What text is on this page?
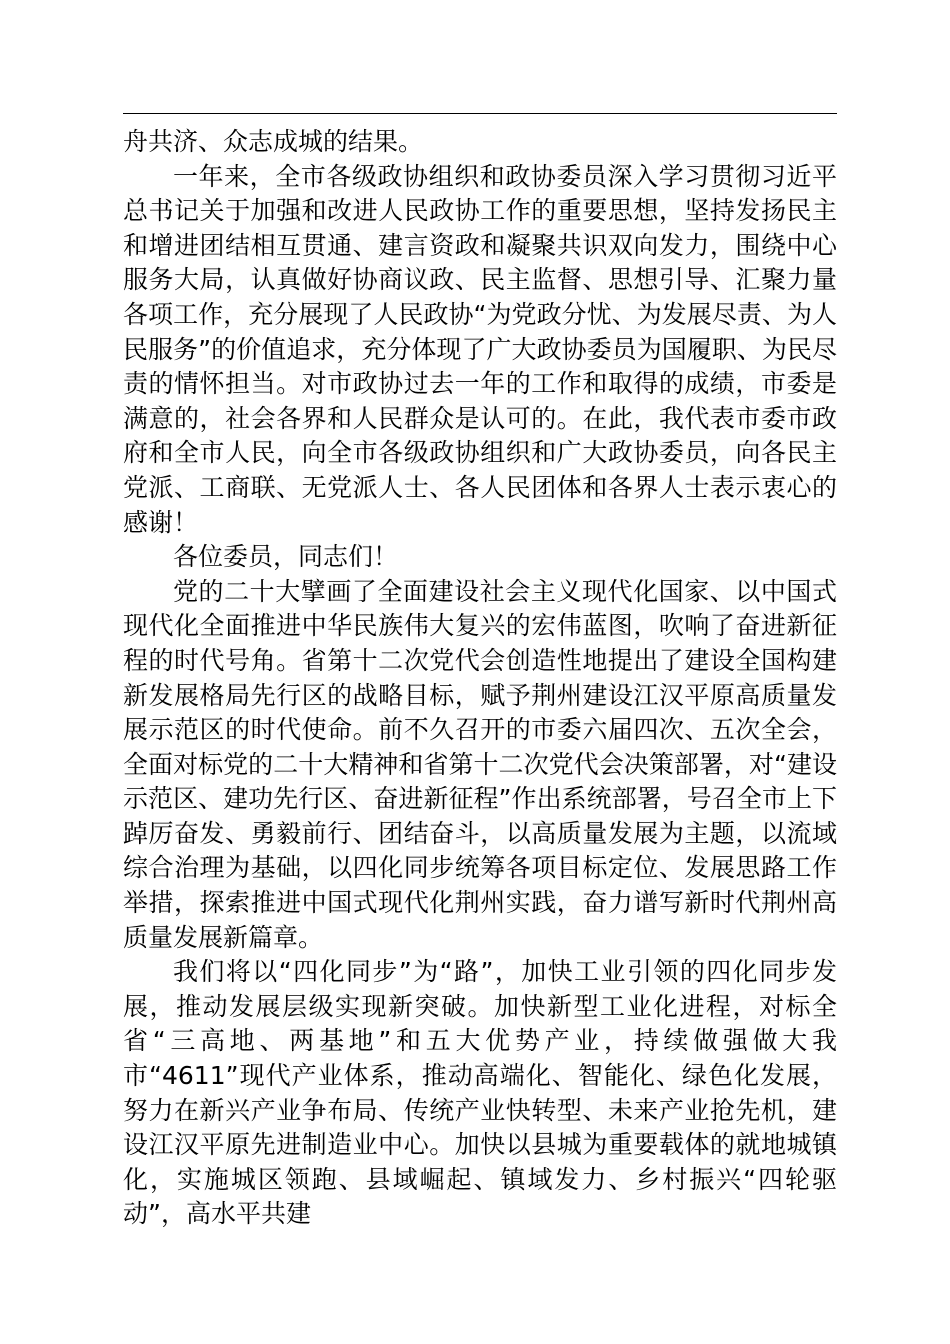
舟共济、众志成城的结果。

一年来，全市各级政协组织和政协委员深入学习贯彻习近平总书记关于加强和改进人民政协工作的重要思想，坚持发扬民主和增进团结相互贯通、建言资政和凝聚共识双向发力，围绕中心服务大局，认真做好协商议政、民主监督、思想引导、汇聚力量各项工作，充分展现了人民政协“为党政分忧、为发展尽责、为人民服务”的价值追求，充分体现了广大政协委员为国履职、为民尽责的情怀担当。对市政协过去一年的工作和取得的成绩，市委是满意的，社会各界和人民群众是认可的。在此，我代表市委市政府和全市人民，向全市各级政协组织和广大政协委员，向各民主党派、工商联、无党派人士、各人民团体和各界人士表示衷心的感谢！

各位委员，同志们！

党的二十大擘画了全面建设社会主义现代化国家、以中国式现代化全面推进中华民族伟大复兴的宏伟蓝图，吹响了奋进新征程的时代号角。省第十二次党代会创造性地提出了建设全国构建新发展格局先行区的战略目标，赋予荆州建设江汉平原高质量发展示范区的时代使命。前不久召开的市委六届四次、五次全会，全面对标党的二十大精神和省第十二次党代会决策部署，对“建设示范区、建功先行区、奋进新征程”作出系统部署，号召全市上下踔厉奋发、勇毅前行、团结奋斗，以高质量发展为主题，以流域综合治理为基础，以四化同步统筹各项目标定位、发展思路工作举措，探索推进中国式现代化荆州实践，奋力谱写新时代荆州高质量发展新篇章。

我们将以“四化同步”为“路”，加快工业引领的四化同步发展，推动发展层级实现新突破。加快新型工业化进程，对标全省“三高地、两基地”和五大优势产业，持续做强做大我市“4611”现代产业体系，推动高端化、智能化、绿色化发展，努力在新兴产业争布局、传统产业快转型、未来产业抢先机，建设江汉平原先进制造业中心。加快以县城为重要载体的就地城镇化，实施城区领跑、县域崛起、镇域发力、乡村振兴“四轮驱动”，高水平共建
